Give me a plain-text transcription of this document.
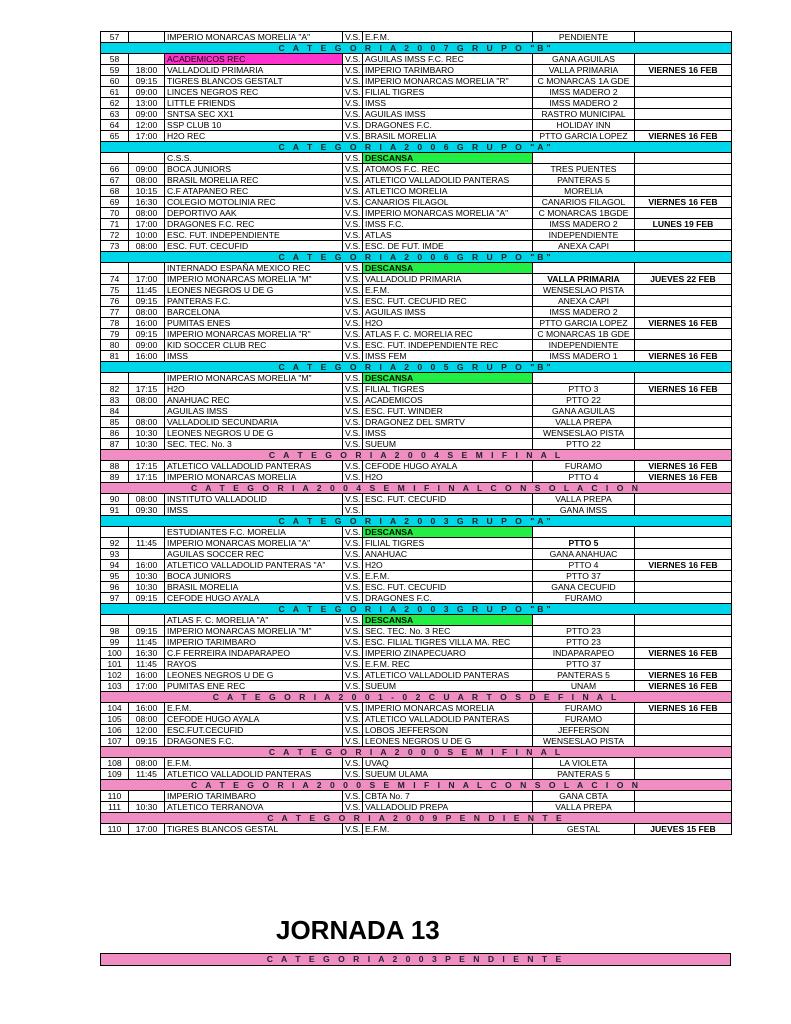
57		IMPERIO MONARCAS MORELIA "A"	V.S.	E.F.M.	PENDIENTE	
C A T E G O R I A 2 0 0 7 G R U P O "B"						
58		ACADEMICOS REC	V.S.	AGUILAS IMSS F.C. REC	GANA AGUILAS	
59	18:00	VALLADOLID PRIMARIA	V.S.	IMPERIO TARIMBARO	VALLA PRIMARIA	VIERNES 16 FEB
60	09:15	TIGRES BLANCOS GESTALT	V.S.	IMPERIO MONARCAS MORELIA "R"	C MONARCAS 1A GDE	
61	09:00	LINCES NEGROS REC	V.S.	FILIAL TIGRES	IMSS MADERO 2	
62	13:00	LITTLE FRIENDS	V.S.	IMSS	IMSS MADERO 2	
63	09:00	SNTSA SEC XX1	V.S.	AGUILAS IMSS	RASTRO MUNICIPAL	
64	12:00	SSP CLUB 10	V.S.	DRAGONES F.C.	HOLIDAY INN	
65	17:00	H2O REC	V.S.	BRASIL MORELIA	PTTO GARCIA LOPEZ	VIERNES 16 FEB
C A T E G O R I A 2 0 0 6 G R U P O "A"						
		C.S.S.	V.S.	DESCANSA		
66	09:00	BOCA JUNIORS	V.S.	ATOMOS F.C. REC	TRES PUENTES	
67	08:00	BRASIL MORELIA REC	V.S.	ATLETICO VALLADOLID PANTERAS	PANTERAS 5	
68	10:15	C.F ATAPANEO REC	V.S.	ATLETICO MORELIA	MORELIA	
69	16:30	COLEGIO MOTOLINIA REC	V.S.	CANARIOS FILAGOL	CANARIOS FILAGOL	VIERNES 16 FEB
70	08:00	DEPORTIVO AAK	V.S.	IMPERIO MONARCAS MORELIA "A"	C MONARCAS 1BGDE	
71	17:00	DRAGONES F.C. REC	V.S.	IMSS F.C.	IMSS MADERO 2	LUNES 19 FEB
72	10:00	ESC. FUT. INDEPENDIENTE	V.S.	ATLAS	INDEPENDIENTE	
73	08:00	ESC. FUT. CECUFID	V.S.	ESC. DE FUT. IMDE	ANEXA CAPI	
C A T E G O R I A 2 0 0 6 G R U P O "B"						
		INTERNADO ESPAÑA MEXICO REC	V.S.	DESCANSA		
74	17:00	IMPERIO MONARCAS MORELIA "M"	V.S.	VALLADOLID PRIMARIA	VALLA PRIMARIA	JUEVES 22 FEB
75	11:45	LEONES NEGROS U DE G	V.S.	E.F.M.	WENSESLAO PISTA	
76	09:15	PANTERAS F.C.	V.S.	ESC. FUT. CECUFID REC	ANEXA CAPI	
77	08:00	BARCELONA	V.S.	AGUILAS IMSS	IMSS MADERO 2	
78	16:00	PUMITAS ENES	V.S.	H2O	PTTO GARCIA LOPEZ	VIERNES 16 FEB
79	09:15	IMPERIO MONARCAS MORELIA "R"	V.S.	ATLAS F. C. MORELIA REC	C MONARCAS 1B GDE	
80	09:00	KID SOCCER CLUB REC	V.S.	ESC. FUT. INDEPENDIENTE REC	INDEPENDIENTE	
81	16:00	IMSS	V.S.	IMSS FEM	IMSS MADERO 1	VIERNES 16 FEB
C A T E G O R I A 2 0 0 5 G R U P O "B"						
		IMPERIO MONARCAS MORELIA "M"	V.S.	DESCANSA		
82	17:15	H2O	V.S.	FILIAL TIGRES	PTTO 3	VIERNES 16 FEB
83	08:00	ANAHUAC REC	V.S.	ACADEMICOS	PTTO 22	
84		AGUILAS IMSS	V.S.	ESC. FUT. WINDER	GANA AGUILAS	
85	08:00	VALLADOLID SECUNDARIA	V.S.	DRAGONEZ DEL SMRTV	VALLA PREPA	
86	10:30	LEONES NEGROS U DE G	V.S.	IMSS	WENSESLAO PISTA	
87	10:30	SEC. TEC. No. 3	V.S.	SUEUM	PTTO 22	
C A T E G O R I A 2 0 0 4 S E M I F I N A L						
88	17:15	ATLETICO VALLADOLID PANTERAS	V.S.	CEFODE HUGO AYALA	FURAMO	VIERNES 16 FEB
89	17:15	IMPERIO MONARCAS MORELIA	V.S.	H2O	PTTO 4	VIERNES 16 FEB
C A T E G O R I A 2 0 0 4 S E M I F I N A L C O N S O L A C I O N						
90	08:00	INSTITUTO VALLADOLID	V.S.	ESC. FUT. CECUFID	VALLA PREPA	
91	09:30	IMSS	V.S.		GANA IMSS	
C A T E G O R I A 2 0 0 3 G R U P O "A"						
		ESTUDIANTES F.C. MORELIA	V.S.	DESCANSA		
92	11:45	IMPERIO MONARCAS MORELIA "A"	V.S.	FILIAL TIGRES	PTTO 5	
93		AGUILAS SOCCER REC	V.S.	ANAHUAC	GANA ANAHUAC	
94	16:00	ATLETICO VALLADOLID PANTERAS "A"	V.S.	H2O	PTTO 4	VIERNES 16 FEB
95	10:30	BOCA JUNIORS	V.S.	E.F.M.	PTTO 37	
96	10:30	BRASIL MORELIA	V.S.	ESC. FUT. CECUFID	GANA CECUFID	
97	09:15	CEFODE HUGO AYALA	V.S.	DRAGONES F.C.	FURAMO	
C A T E G O R I A 2 0 0 3 G R U P O "B"						
		ATLAS F. C. MORELIA "A"	V.S.	DESCANSA		
98	09:15	IMPERIO MONARCAS MORELIA "M"	V.S.	SEC. TEC. No. 3 REC	PTTO 23	
99	11:45	IMPERIO TARIMBARO	V.S.	ESC. FILIAL TIGRES VILLA MA. REC	PTTO 23	
100	16:30	C.F FERREIRA INDAPARAPEO	V.S.	IMPERIO ZINAPECUARO	INDAPARAPEO	VIERNES 16 FEB
101	11:45	RAYOS	V.S.	E.F.M. REC	PTTO 37	
102	16:00	LEONES NEGROS U DE G	V.S.	ATLETICO VALLADOLID PANTERAS	PANTERAS 5	VIERNES 16 FEB
103	17:00	PUMITAS ENE REC	V.S.	SUEUM	UNAM	VIERNES 16 FEB
C A T E G O R I A 2 0 0 1 - 0 2 C U A R T O S D E F I N A L						
104	16:00	E.F.M.	V.S.	IMPERIO MONARCAS MORELIA	FURAMO	VIERNES 16 FEB
105	08:00	CEFODE HUGO AYALA	V.S.	ATLETICO VALLADOLID PANTERAS	FURAMO	
106	12:00	ESC.FUT.CECUFID	V.S.	LOBOS JEFFERSON	JEFFERSON	
107	09:15	DRAGONES F.C.	V.S.	LEONES NEGROS U DE G	WENSESLAO PISTA	
C A T E G O R I A 2 0 0 0 S E M I F I N A L						
108	08:00	E.F.M.	V.S.	UVAQ	LA VIOLETA	
109	11:45	ATLETICO VALLADOLID PANTERAS	V.S.	SUEUM ULAMA	PANTERAS 5	
C A T E G O R I A 2 0 0 0 S E M I F I N A L C O N S O L A C I O N						
110		IMPERIO TARIMBARO	V.S.	CBTA No. 7	GANA CBTA	
111	10:30	ATLETICO TERRANOVA	V.S.	VALLADOLID PREPA	VALLA PREPA	
C A T E G O R I A 2 0 0 9 P E N D I E N T E						
110	17:00	TIGRES BLANCOS GESTAL	V.S.	E.F.M.	GESTAL	JUEVES 15 FEB
JORNADA 13
C A T E G O R I A 2 0 0 3 P E N D I E N T E
